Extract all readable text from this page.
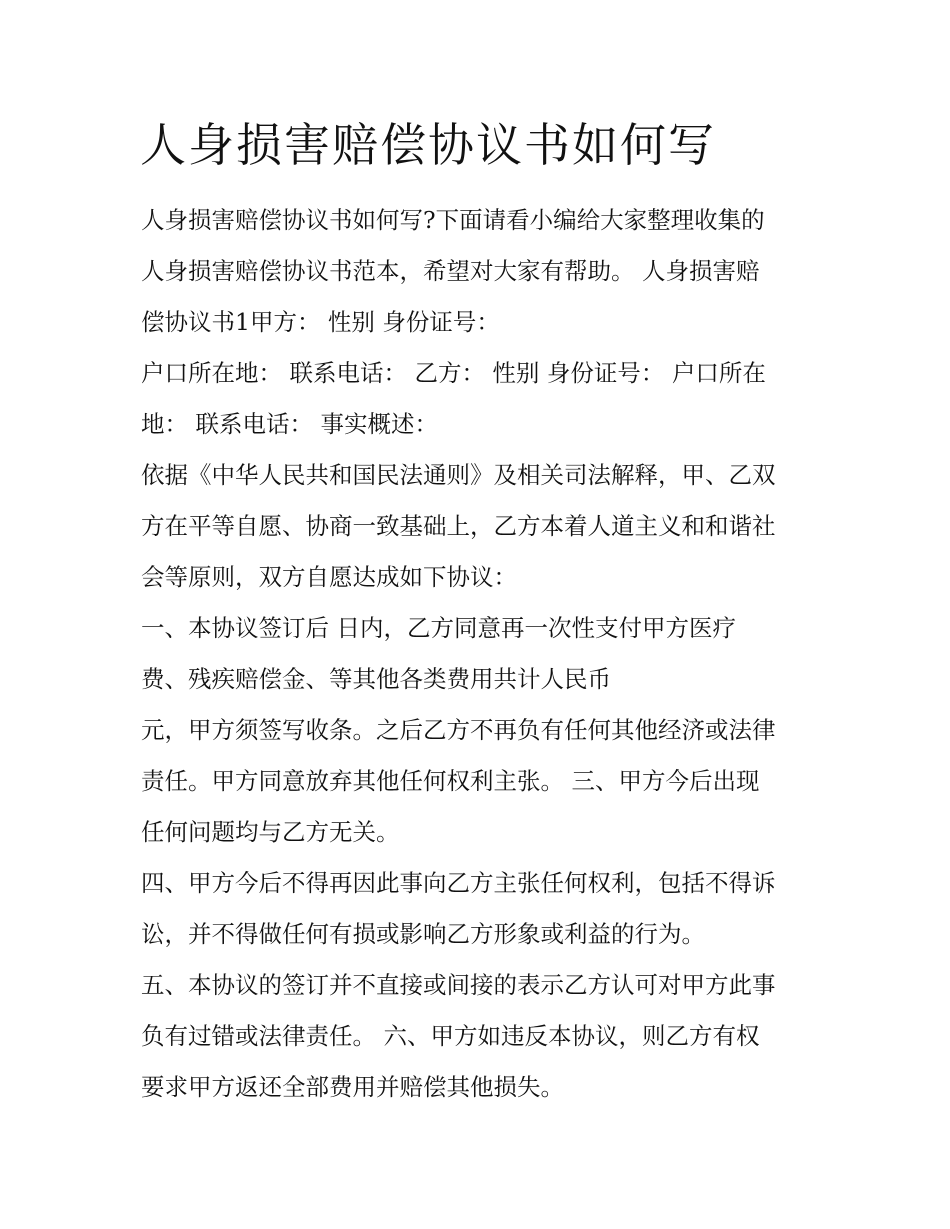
人身损害赔偿协议书如何写
人身损害赔偿协议书如何写?下面请看小编给大家整理收集的
人身损害赔偿协议书范本，希望对大家有帮助。 人身损害赔
偿协议书1甲方： 性别 身份证号：
户口所在地： 联系电话： 乙方： 性别 身份证号： 户口所在
地： 联系电话： 事实概述：
依据《中华人民共和国民法通则》及相关司法解释，甲、乙双
方在平等自愿、协商一致基础上，乙方本着人道主义和和谐社
会等原则，双方自愿达成如下协议：
一、本协议签订后 日内，乙方同意再一次性支付甲方医疗
费、残疾赔偿金、等其他各类费用共计人民币
元，甲方须签写收条。之后乙方不再负有任何其他经济或法律
责任。甲方同意放弃其他任何权利主张。 三、甲方今后出现
任何问题均与乙方无关。
四、甲方今后不得再因此事向乙方主张任何权利，包括不得诉
讼，并不得做任何有损或影响乙方形象或利益的行为。
五、本协议的签订并不直接或间接的表示乙方认可对甲方此事
负有过错或法律责任。 六、甲方如违反本协议，则乙方有权
要求甲方返还全部费用并赔偿其他损失。
